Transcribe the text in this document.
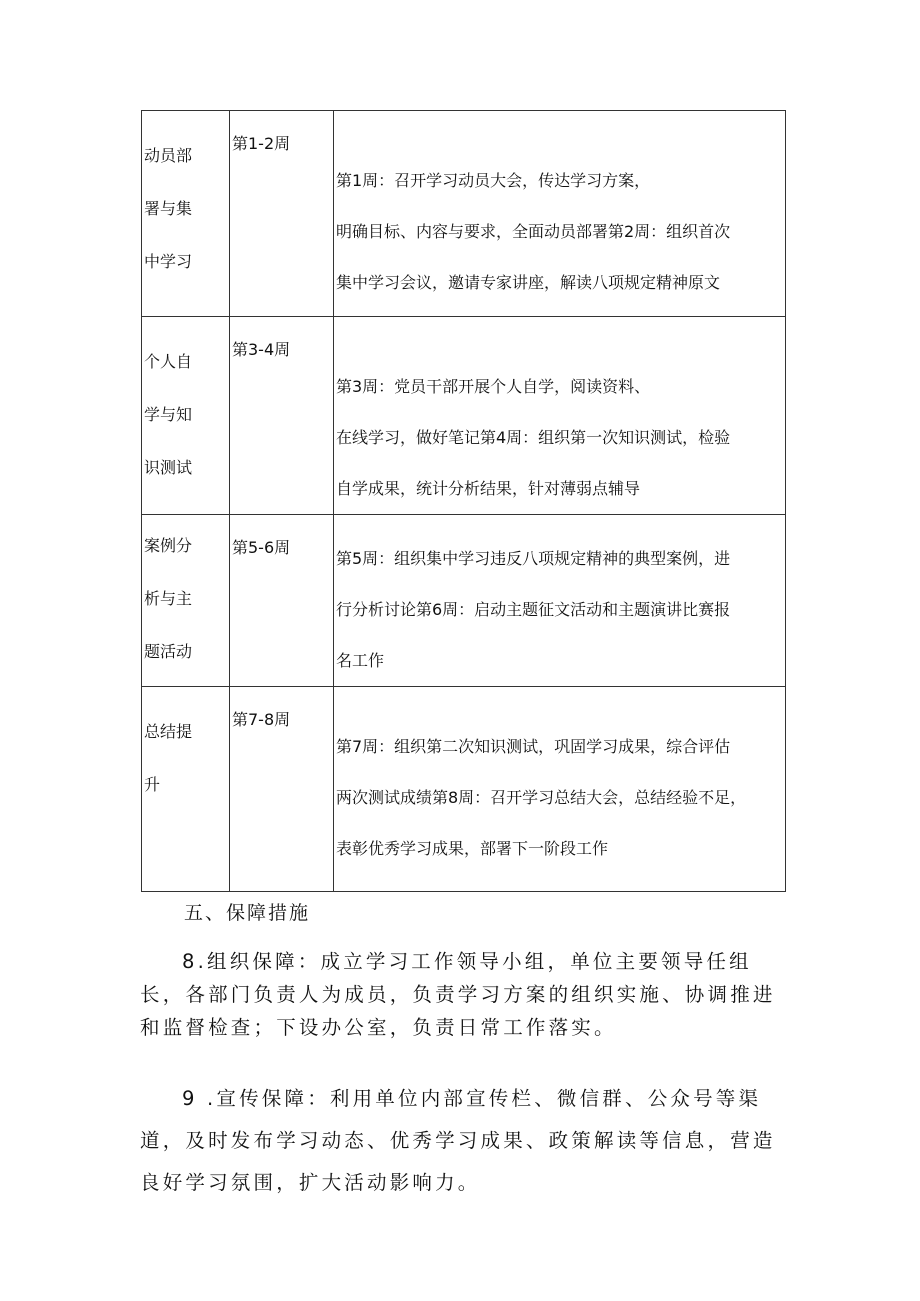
动员部
署与集
中学习	第1-2周	第1周：召开学习动员大会，传达学习方案，
明确目标、内容与要求，全面动员部署第2周：组织首次
集中学习会议，邀请专家讲座，解读八项规定精神原文

个人自
学与知
识测试	第3-4周	第3周：党员干部开展个人自学，阅读资料、
在线学习，做好笔记第4周：组织第一次知识测试，检验
自学成果，统计分析结果，针对薄弱点辅导

案例分
析与主
题活动	第5-6周	第5周：组织集中学习违反八项规定精神的典型案例，进
行分析讨论第6周：启动主题征文活动和主题演讲比赛报
名工作

总结提
升	第7-8周	第7周：组织第二次知识测试，巩固学习成果，综合评估
两次测试成绩第8周：召开学习总结大会，总结经验不足，
表彰优秀学习成果，部署下一阶段工作
五、保障措施
8.组织保障：成立学习工作领导小组，单位主要领导任组
长，各部门负责人为成员，负责学习方案的组织实施、协调推进
和监督检查；下设办公室，负责日常工作落实。
9 .宣传保障：利用单位内部宣传栏、微信群、公众号等渠
道，及时发布学习动态、优秀学习成果、政策解读等信息，营造
良好学习氛围，扩大活动影响力。
